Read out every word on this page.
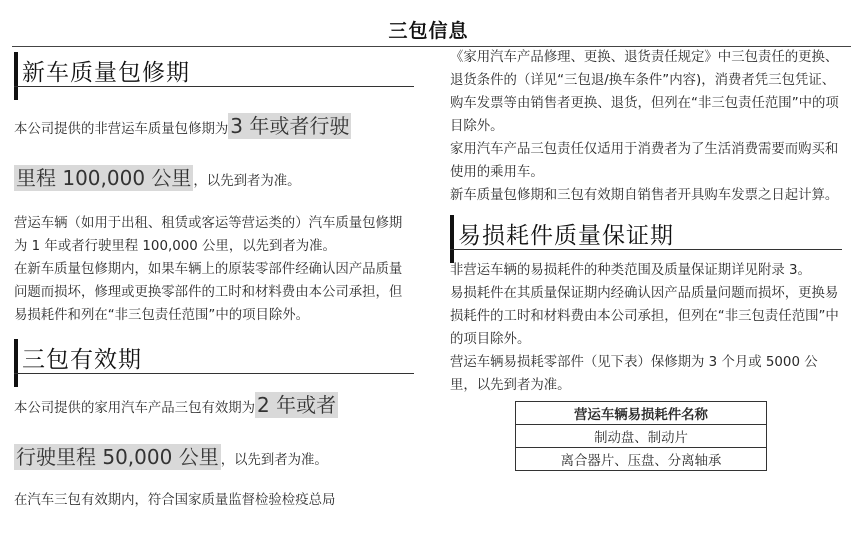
三包信息
新车质量包修期

本公司提供的非营运车质量包修期为 3 年或者行驶
里程 100,000 公里 ，以先到者为准。

营运车辆（如用于出租、租赁或客运等营运类的）汽车质量包修期为 1 年或者行驶里程 100,000 公里，以先到者为准。

在新车质量包修期内，如果车辆上的原装零部件经确认因产品质量问题而损坏，修理或更换零部件的工时和材料费由本公司承担，但易损耗件和列在“非三包责任范围”中的项目除外。

三包有效期

本公司提供的家用汽车产品三包有效期为 2 年或者
行驶里程 50,000 公里 ，以先到者为准。

在汽车三包有效期内，符合国家质量监督检验检疫总局

《家用汽车产品修理、更换、退货责任规定》中三包责任的更换、退货条件的（详见“三包退/换车条件”内容)，消费者凭三包凭证、购车发票等由销售者更换、退货，但列在“非三包责任范围”中的项目除外。

家用汽车产品三包责任仅适用于消费者为了生活消费需要而购买和使用的乘用车。

新车质量包修期和三包有效期自销售者开具购车发票之日起计算。

易损耗件质量保证期

非营运车辆的易损耗件的种类范围及质量保证期详见附录 3。

易损耗件在其质量保证期内经确认因产品质量问题而损坏，更换易损耗件的工时和材料费由本公司承担，但列在“非三包责任范围”中的项目除外。

营运车辆易损耗零部件（见下表）保修期为 3 个月或 5000 公里，以先到者为准。

营运车辆易损耗件名称
制动盘、制动片
离合器片、压盘、分离轴承
